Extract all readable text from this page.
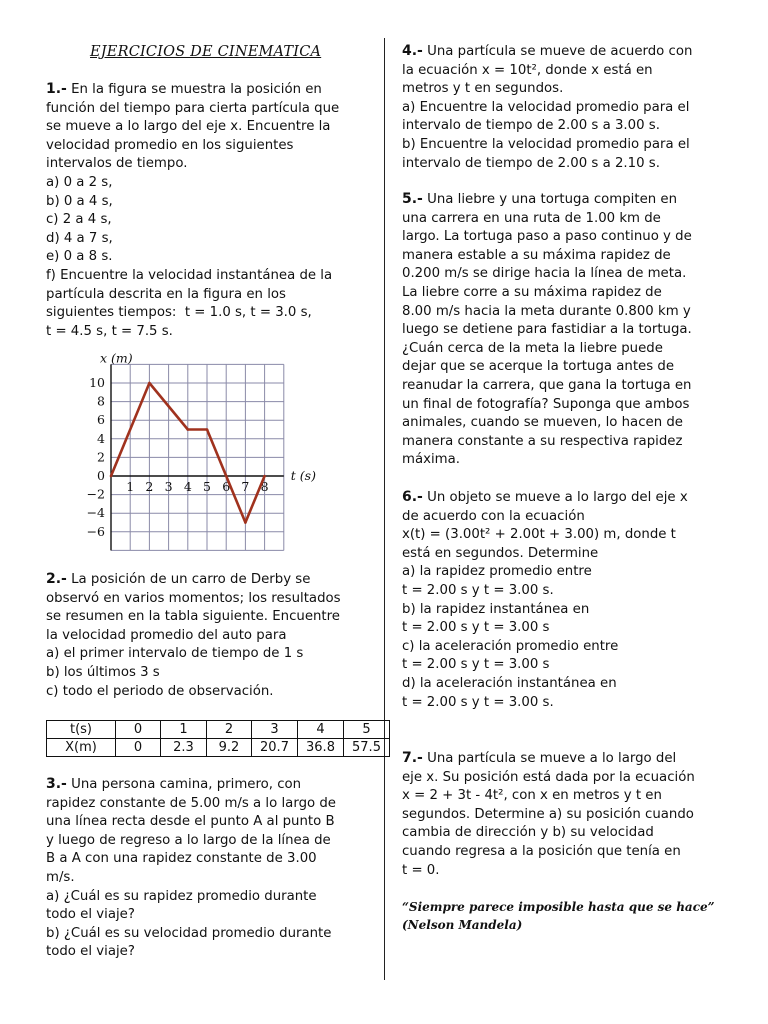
EJERCICIOS DE CINEMATICA

1.- En la figura se muestra la posición en

función del tiempo para cierta partícula que

se mueve a lo largo del eje x. Encuentre la

velocidad promedio en los siguientes

intervalos de tiempo.

a) 0 a 2 s,

b) 0 a 4 s,

c) 2 a 4 s,

d) 4 a 7 s,

e) 0 a 8 s.

f) Encuentre la velocidad instantánea de la

partícula descrita en la figura en los

siguientes tiempos:  t = 1.0 s, t = 3.0 s,

t = 4.5 s, t = 7.5 s.

10
8
6
4
2
0
−2
−4
−6
1 2 3 4 5 6 7 8
x (m)
t (s)

2.- La posición de un carro de Derby se

observó en varios momentos; los resultados

se resumen en la tabla siguiente. Encuentre

la velocidad promedio del auto para

a) el primer intervalo de tiempo de 1 s

b) los últimos 3 s

c) todo el periodo de observación.

t(s)	0	1	2	3	4	5
X(m)	0	2.3	9.2	20.7	36.8	57.5

3.- Una persona camina, primero, con

rapidez constante de 5.00 m/s a lo largo de

una línea recta desde el punto A al punto B

y luego de regreso a lo largo de la línea de

B a A con una rapidez constante de 3.00

m/s.

a) ¿Cuál es su rapidez promedio durante

todo el viaje?

b) ¿Cuál es su velocidad promedio durante

todo el viaje?

4.- Una partícula se mueve de acuerdo con

la ecuación x = 10t², donde x está en

metros y t en segundos.

a) Encuentre la velocidad promedio para el

intervalo de tiempo de 2.00 s a 3.00 s.

b) Encuentre la velocidad promedio para el

intervalo de tiempo de 2.00 s a 2.10 s.

5.- Una liebre y una tortuga compiten en

una carrera en una ruta de 1.00 km de

largo. La tortuga paso a paso continuo y de

manera estable a su máxima rapidez de

0.200 m/s se dirige hacia la línea de meta.

La liebre corre a su máxima rapidez de

8.00 m/s hacia la meta durante 0.800 km y

luego se detiene para fastidiar a la tortuga.

¿Cuán cerca de la meta la liebre puede

dejar que se acerque la tortuga antes de

reanudar la carrera, que gana la tortuga en

un final de fotografía? Suponga que ambos

animales, cuando se mueven, lo hacen de

manera constante a su respectiva rapidez

máxima.

6.- Un objeto se mueve a lo largo del eje x

de acuerdo con la ecuación

x(t) = (3.00t² + 2.00t + 3.00) m, donde t

está en segundos. Determine

a) la rapidez promedio entre

t = 2.00 s y t = 3.00 s.

b) la rapidez instantánea en

t = 2.00 s y t = 3.00 s

c) la aceleración promedio entre

t = 2.00 s y t = 3.00 s

d) la aceleración instantánea en

t = 2.00 s y t = 3.00 s.

7.- Una partícula se mueve a lo largo del

eje x. Su posición está dada por la ecuación

x = 2 + 3t - 4t², con x en metros y t en

segundos. Determine a) su posición cuando

cambia de dirección y b) su velocidad

cuando regresa a la posición que tenía en

t = 0.

“Siempre parece imposible hasta que se hace”
(Nelson Mandela)
